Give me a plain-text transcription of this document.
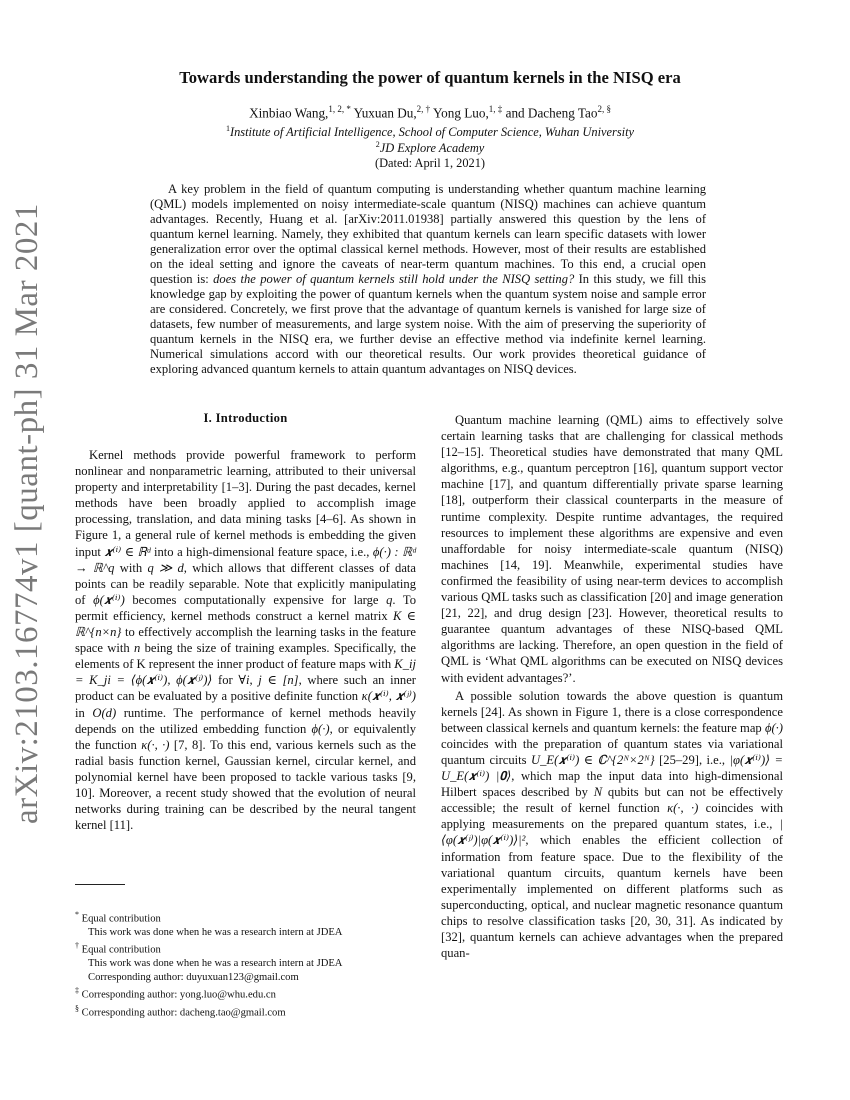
arXiv:2103.16774v1 [quant-ph] 31 Mar 2021
Towards understanding the power of quantum kernels in the NISQ era
Xinbiao Wang,$^{1, 2, *}$ Yuxuan Du,$^{2, \dagger}$ Yong Luo,$^{1, \ddagger}$ and Dacheng Tao$^{2, \S}$
$^1$Institute of Artificial Intelligence, School of Computer Science, Wuhan University
$^2$JD Explore Academy
(Dated: April 1, 2021)
A key problem in the field of quantum computing is understanding whether quantum machine learning (QML) models implemented on noisy intermediate-scale quantum (NISQ) machines can achieve quantum advantages. Recently, Huang et al. [arXiv:2011.01938] partially answered this question by the lens of quantum kernel learning. Namely, they exhibited that quantum kernels can learn specific datasets with lower generalization error over the optimal classical kernel methods. However, most of their results are established on the ideal setting and ignore the caveats of near-term quantum machines. To this end, a crucial open question is: does the power of quantum kernels still hold under the NISQ setting? In this study, we fill this knowledge gap by exploiting the power of quantum kernels when the quantum system noise and sample error are considered. Concretely, we first prove that the advantage of quantum kernels is vanished for large size of datasets, few number of measurements, and large system noise. With the aim of preserving the superiority of quantum kernels in the NISQ era, we further devise an effective method via indefinite kernel learning. Numerical simulations accord with our theoretical results. Our work provides theoretical guidance of exploring advanced quantum kernels to attain quantum advantages on NISQ devices.
I. Introduction

Kernel methods provide powerful framework to perform nonlinear and nonparametric learning, attributed to their universal property and interpretability [1–3]. During the past decades, kernel methods have been broadly applied to accomplish image processing, translation, and data mining tasks [4–6]. As shown in Figure 1, a general rule of kernel methods is embedding the given input 𝒙⁽ⁱ⁾ ∈ ℝᵈ into a high-dimensional feature space, i.e., ϕ(·) : ℝᵈ → ℝ^q with q ≫ d, which allows that different classes of data points can be readily separable. Note that explicitly manipulating of ϕ(𝒙⁽ⁱ⁾) becomes computationally expensive for large q. To permit efficiency, kernel methods construct a kernel matrix K ∈ ℝ^{n×n} to effectively accomplish the learning tasks in the feature space with n being the size of training examples. Specifically, the elements of K represent the inner product of feature maps with K_ij = K_ji = ⟨ϕ(𝒙⁽ⁱ⁾), ϕ(𝒙⁽ʲ⁾)⟩ for ∀i, j ∈ [n], where such an inner product can be evaluated by a positive definite function κ(𝒙⁽ⁱ⁾, 𝒙⁽ʲ⁾) in O(d) runtime. The performance of kernel methods heavily depends on the utilized embedding function ϕ(·), or equivalently the function κ(·, ·) [7, 8]. To this end, various kernels such as the radial basis function kernel, Gaussian kernel, circular kernel, and polynomial kernel have been proposed to tackle various tasks [9, 10]. Moreover, a recent study showed that the evolution of neural networks during training can be described by the neural tangent kernel [11].

Quantum machine learning (QML) aims to effectively solve certain learning tasks that are challenging for classical methods [12–15]. Theoretical studies have demonstrated that many QML algorithms, e.g., quantum perceptron [16], quantum support vector machine [17], and quantum differentially private sparse learning [18], outperform their classical counterparts in the measure of runtime complexity. Despite runtime advantages, the required resources to implement these algorithms are expensive and even unaffordable for noisy intermediate-scale quantum (NISQ) machines [14, 19]. Meanwhile, experimental studies have confirmed the feasibility of using near-term devices to accomplish various QML tasks such as classification [20] and image generation [21, 22], and drug design [23]. However, theoretical results to guarantee quantum advantages of these NISQ-based QML algorithms are lacking. Therefore, an open question in the field of QML is ‘What QML algorithms can be executed on NISQ devices with evident advantages?’.

A possible solution towards the above question is quantum kernels [24]. As shown in Figure 1, there is a close correspondence between classical kernels and quantum kernels: the feature map ϕ(·) coincides with the preparation of quantum states via variational quantum circuits U_E(𝒙⁽ⁱ⁾) ∈ ℂ^{2ᴺ×2ᴺ} [25–29], i.e., |φ(𝒙⁽ⁱ⁾)⟩ = U_E(𝒙⁽ⁱ⁾) |𝟎⟩, which map the input data into high-dimensional Hilbert spaces described by N qubits but can not be effectively accessible; the result of kernel function κ(·, ·) coincides with applying measurements on the prepared quantum states, i.e., |⟨φ(𝒙⁽ʲ⁾)|φ(𝒙⁽ⁱ⁾)⟩|², which enables the efficient collection of information from feature space. Due to the flexibility of the variational quantum circuits, quantum kernels have been experimentally implemented on different platforms such as superconducting, optical, and nuclear magnetic resonance quantum chips to resolve classification tasks [20, 30, 31]. As indicated by [32], quantum kernels can achieve advantages when the prepared quan-

* Equal contribution
This work was done when he was a research intern at JDEA
† Equal contribution
This work was done when he was a research intern at JDEA
Corresponding author: duyuxuan123@gmail.com
‡ Corresponding author: yong.luo@whu.edu.cn
§ Corresponding author: dacheng.tao@gmail.com
